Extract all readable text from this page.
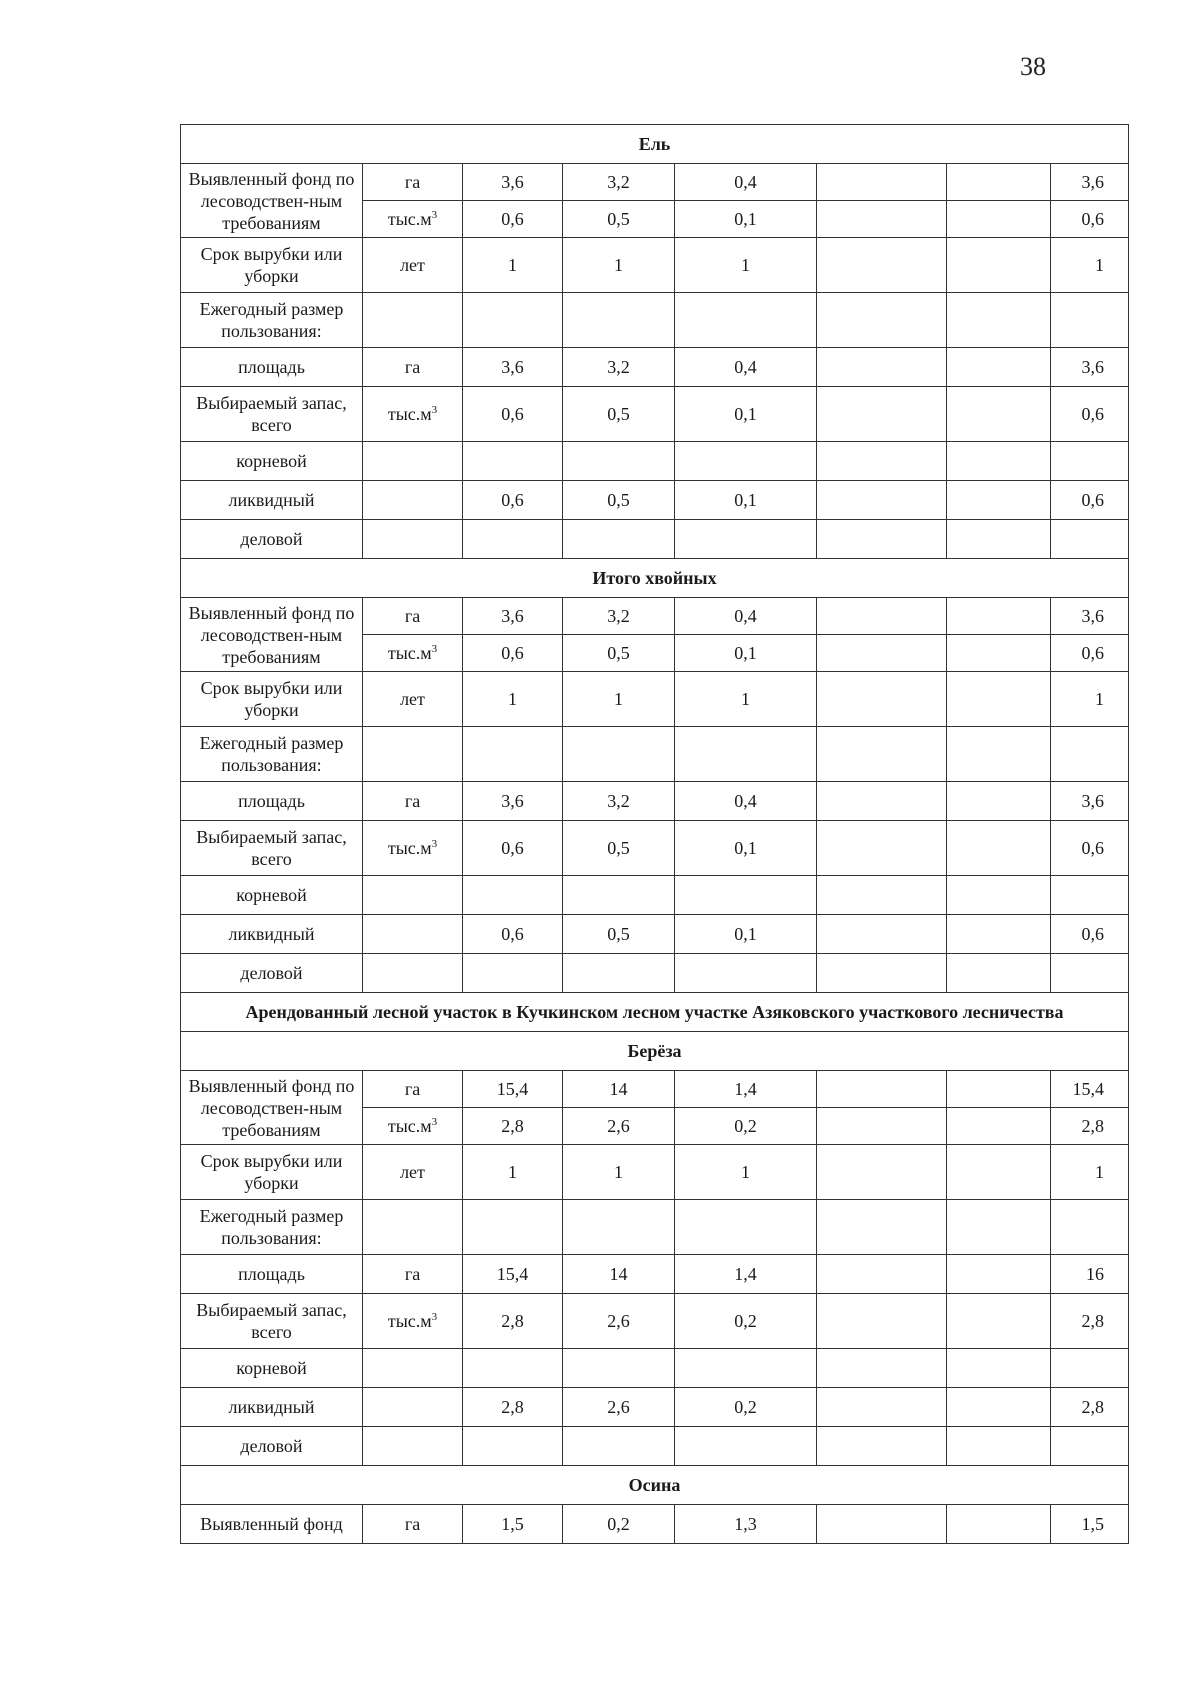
38
Ель							
Выявленный фонд по лесоводствен-ным требованиям	га	3,6	3,2	0,4			3,6
	$тыс.м^3$	0,6	0,5	0,1			0,6
Срок вырубки или уборки	лет	1	1	1			1
Ежегодный размер пользования:							
площадь	га	3,6	3,2	0,4			3,6
Выбираемый запас, всего	$тыс.м^3$	0,6	0,5	0,1			0,6
корневой							
ликвидный		0,6	0,5	0,1			0,6
деловой							
Итого хвойных							
Выявленный фонд по лесоводствен-ным требованиям	га	3,6	3,2	0,4			3,6
	$тыс.м^3$	0,6	0,5	0,1			0,6
Срок вырубки или уборки	лет	1	1	1			1
Ежегодный размер пользования:							
площадь	га	3,6	3,2	0,4			3,6
Выбираемый запас, всего	$тыс.м^3$	0,6	0,5	0,1			0,6
корневой							
ликвидный		0,6	0,5	0,1			0,6
деловой							
Арендованный лесной участок в Кучкинском лесном участке Азяковского участкового лесничества							
Берёза							
Выявленный фонд по лесоводствен-ным требованиям	га	15,4	14	1,4			15,4
	$тыс.м^3$	2,8	2,6	0,2			2,8
Срок вырубки или уборки	лет	1	1	1			1
Ежегодный размер пользования:							
площадь	га	15,4	14	1,4			16
Выбираемый запас, всего	$тыс.м^3$	2,8	2,6	0,2			2,8
корневой							
ликвидный		2,8	2,6	0,2			2,8
деловой							
Осина							
Выявленный фонд	га	1,5	0,2	1,3			1,5
